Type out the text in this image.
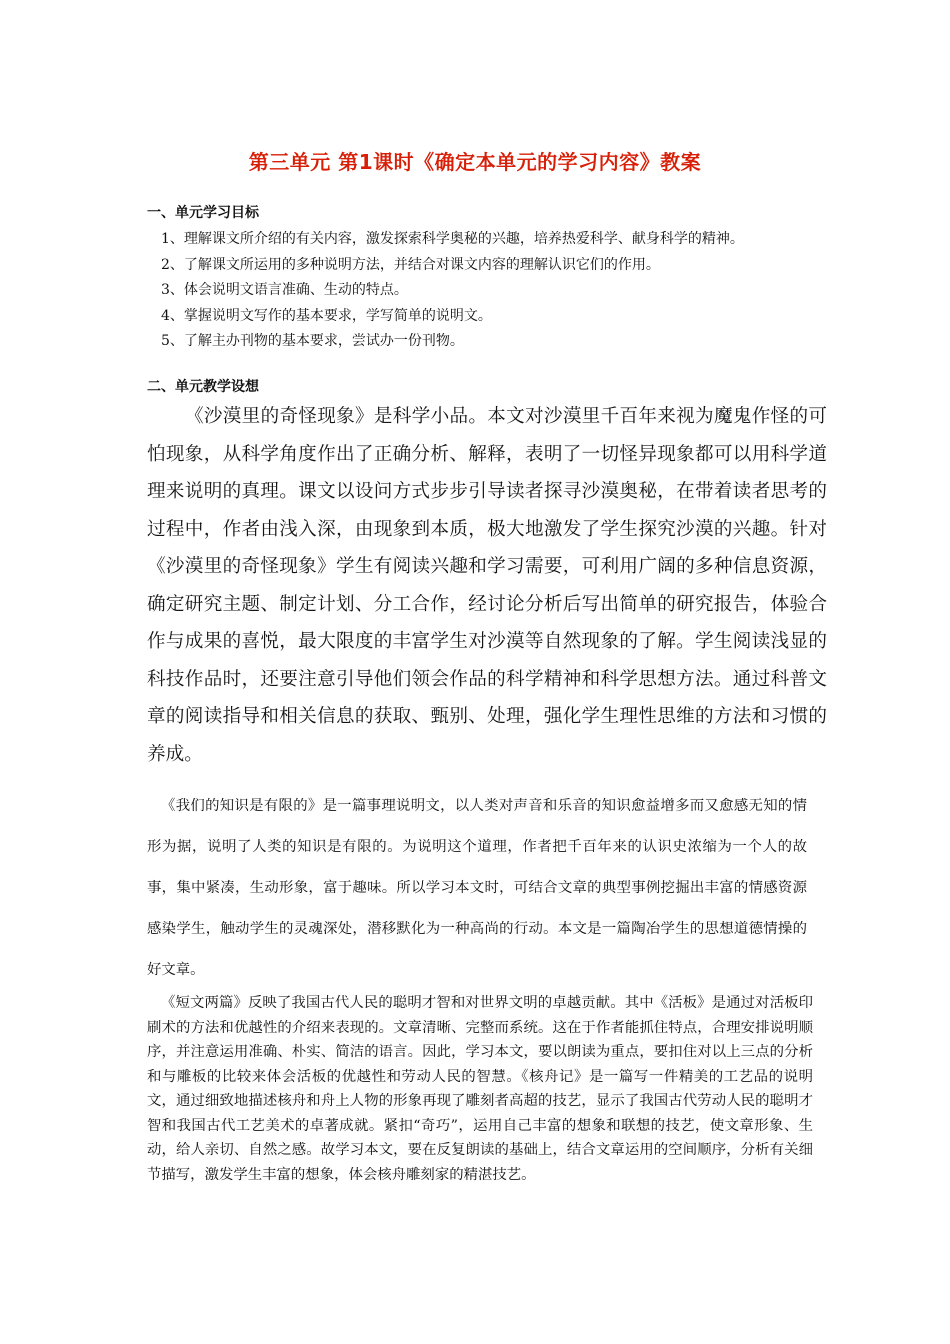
第三单元 第1课时《确定本单元的学习内容》教案
一、单元学习目标

1、理解课文所介绍的有关内容，激发探索科学奥秘的兴趣，培养热爱科学、献身科学的精神。

2、了解课文所运用的多种说明方法，并结合对课文内容的理解认识它们的作用。

3、体会说明文语言准确、生动的特点。

4、掌握说明文写作的基本要求，学写简单的说明文。

5、了解主办刊物的基本要求，尝试办一份刊物。

二、单元教学设想

《沙漠里的奇怪现象》是科学小品。本文对沙漠里千百年来视为魔鬼作怪的可怕现象，从科学角度作出了正确分析、解释，表明了一切怪异现象都可以用科学道理来说明的真理。课文以设问方式步步引导读者探寻沙漠奥秘，在带着读者思考的过程中，作者由浅入深，由现象到本质，极大地激发了学生探究沙漠的兴趣。针对《沙漠里的奇怪现象》学生有阅读兴趣和学习需要，可利用广阔的多种信息资源，确定研究主题、制定计划、分工合作，经讨论分析后写出简单的研究报告，体验合作与成果的喜悦，最大限度的丰富学生对沙漠等自然现象的了解。学生阅读浅显的科技作品时，还要注意引导他们领会作品的科学精神和科学思想方法。通过科普文章的阅读指导和相关信息的获取、甄别、处理，强化学生理性思维的方法和习惯的养成。

《我们的知识是有限的》是一篇事理说明文，以人类对声音和乐音的知识愈益增多而又愈感无知的情形为据，说明了人类的知识是有限的。为说明这个道理，作者把千百年来的认识史浓缩为一个人的故事，集中紧凑，生动形象，富于趣味。所以学习本文时，可结合文章的典型事例挖掘出丰富的情感资源感染学生，触动学生的灵魂深处，潜移默化为一种高尚的行动。本文是一篇陶冶学生的思想道德情操的好文章。

《短文两篇》反映了我国古代人民的聪明才智和对世界文明的卓越贡献。其中《活板》是通过对活板印刷术的方法和优越性的介绍来表现的。文章清晰、完整而系统。这在于作者能抓住特点，合理安排说明顺序，并注意运用准确、朴实、简洁的语言。因此，学习本文，要以朗读为重点，要扣住对以上三点的分析和与雕板的比较来体会活板的优越性和劳动人民的智慧。《核舟记》是一篇写一件精美的工艺品的说明文，通过细致地描述核舟和舟上人物的形象再现了雕刻者高超的技艺，显示了我国古代劳动人民的聪明才智和我国古代工艺美术的卓著成就。紧扣“奇巧”，运用自己丰富的想象和联想的技艺，使文章形象、生动，给人亲切、自然之感。故学习本文，要在反复朗读的基础上，结合文章运用的空间顺序，分析有关细节描写，激发学生丰富的想象，体会核舟雕刻家的精湛技艺。
